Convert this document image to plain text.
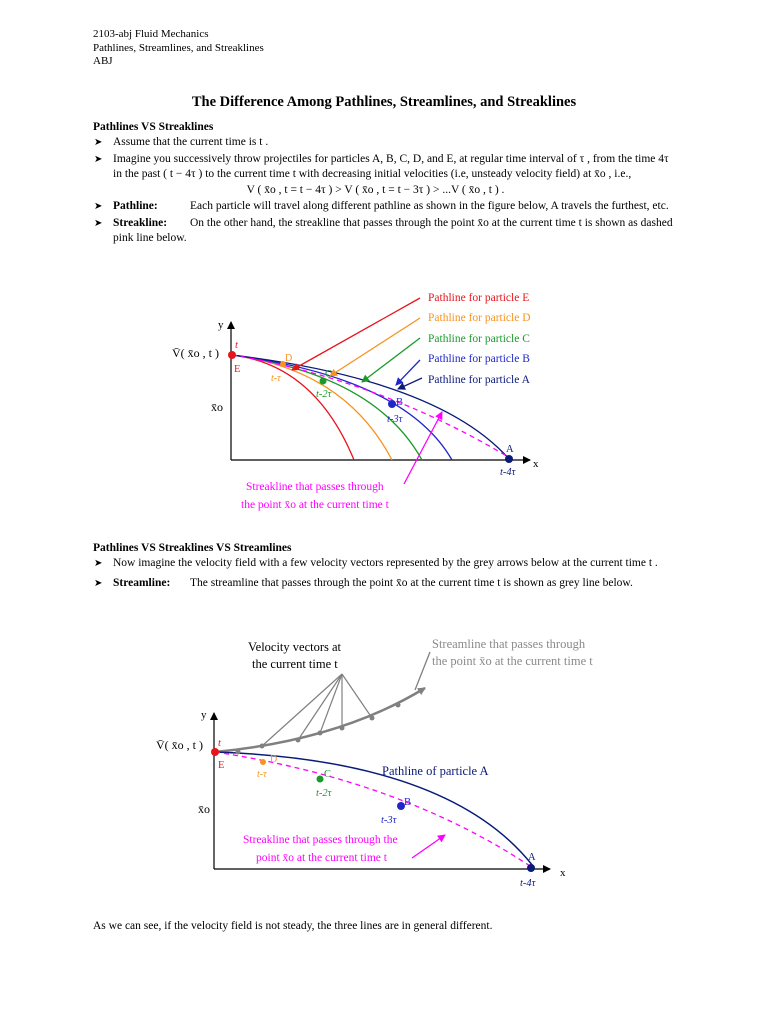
2103-abj Fluid Mechanics
Pathlines, Streamlines, and Streaklines
ABJ
The Difference Among Pathlines, Streamlines, and Streaklines
Pathlines VS Streaklines
➤ Assume that the current time is t .
➤ Imagine you successively throw projectiles for particles A, B, C, D, and E, at regular time interval of τ , from the time 4τ in the past ( t − 4τ ) to the current time t with decreasing initial velocities (i.e, unsteady velocity field) at x̄o , i.e.,
V ( x̄o , t = t − 4τ ) > V ( x̄o , t = t − 3τ ) > ...V ( x̄o , t ) .
➤ Pathline:	Each particle will travel along different pathline as shown in the figure below, A travels the furthest, etc.
➤ Streakline: On the other hand, the streakline that passes through the point x̄o at the current time t is shown as dashed pink line below.
y
x
V̄( x̄o , t )
x̄o
Pathline for particle E
Pathline for particle D
Pathline for particle C
Pathline for particle B
Pathline for particle A
t
E
D
t-τ	C
t-2τ
B
t-3τ
A
t-4τ
Streakline that passes through
the point x̄o at the current time t
Pathlines VS Streaklines VS Streamlines
➤ Now imagine the velocity field with a few velocity vectors represented by the grey arrows below at the current time t .
➤ Streamline: The streamline that passes through the point x̄o at the current time t is shown as grey line below.
Velocity vectors at
the current time t
Streamline that passes through
the point x̄o at the current time t
y
x
V̄( x̄o , t )
x̄o
t
E
D
t-τ	C
t-2τ
B
t-3τ
A
t-4τ
Pathline of particle A
Streakline that passes through the
point x̄o at the current time t
As we can see, if the velocity field is not steady, the three lines are in general different.
